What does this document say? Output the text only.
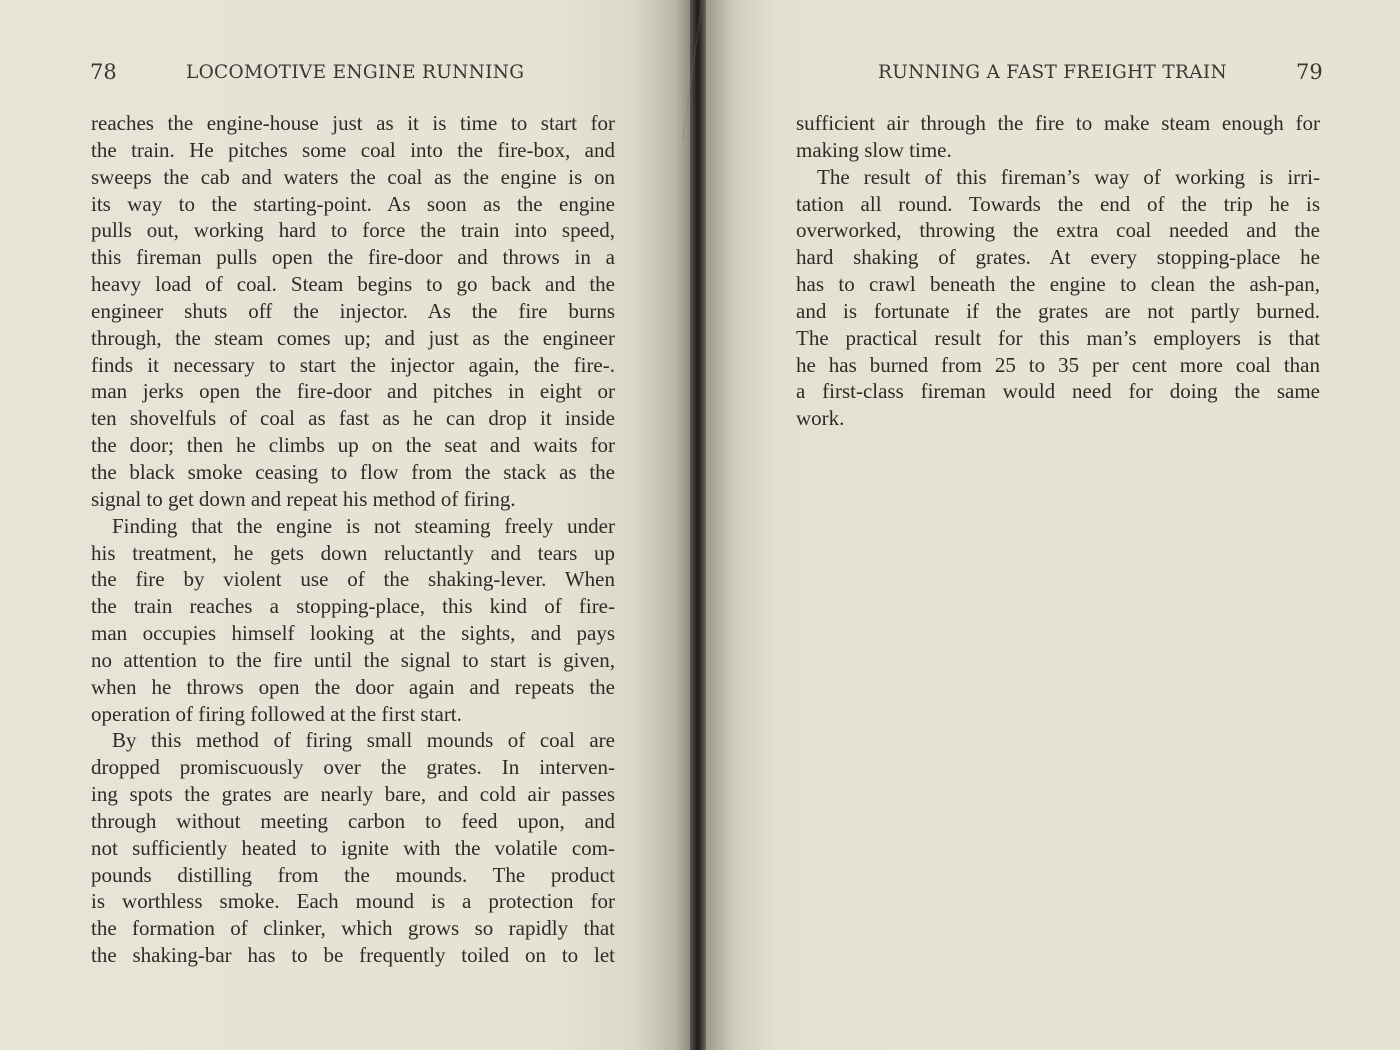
78	LOCOMOTIVE ENGINE RUNNING
reaches the engine-house just as it is time to start for
the train. He pitches some coal into the fire-box, and
sweeps the cab and waters the coal as the engine is on
its way to the starting-point. As soon as the engine
pulls out, working hard to force the train into speed,
this fireman pulls open the fire-door and throws in a
heavy load of coal. Steam begins to go back and the
engineer shuts off the injector. As the fire burns
through, the steam comes up; and just as the engineer
finds it necessary to start the injector again, the fire-.
man jerks open the fire-door and pitches in eight or
ten shovelfuls of coal as fast as he can drop it inside
the door; then he climbs up on the seat and waits for
the black smoke ceasing to flow from the stack as the
signal to get down and repeat his method of firing.
Finding that the engine is not steaming freely under
his treatment, he gets down reluctantly and tears up
the fire by violent use of the shaking-lever. When
the train reaches a stopping-place, this kind of fire-
man occupies himself looking at the sights, and pays
no attention to the fire until the signal to start is given,
when he throws open the door again and repeats the
operation of firing followed at the first start.
By this method of firing small mounds of coal are
dropped promiscuously over the grates. In interven-
ing spots the grates are nearly bare, and cold air passes
through without meeting carbon to feed upon, and
not sufficiently heated to ignite with the volatile com-
pounds distilling from the mounds. The product
is worthless smoke. Each mound is a protection for
the formation of clinker, which grows so rapidly that
the shaking-bar has to be frequently toiled on to let
RUNNING A FAST FREIGHT TRAIN	79
sufficient air through the fire to make steam enough for
making slow time.
The result of this fireman’s way of working is irri-
tation all round. Towards the end of the trip he is
overworked, throwing the extra coal needed and the
hard shaking of grates. At every stopping-place he
has to crawl beneath the engine to clean the ash-pan,
and is fortunate if the grates are not partly burned.
The practical result for this man’s employers is that
he has burned from 25 to 35 per cent more coal than
a first-class fireman would need for doing the same
work.
